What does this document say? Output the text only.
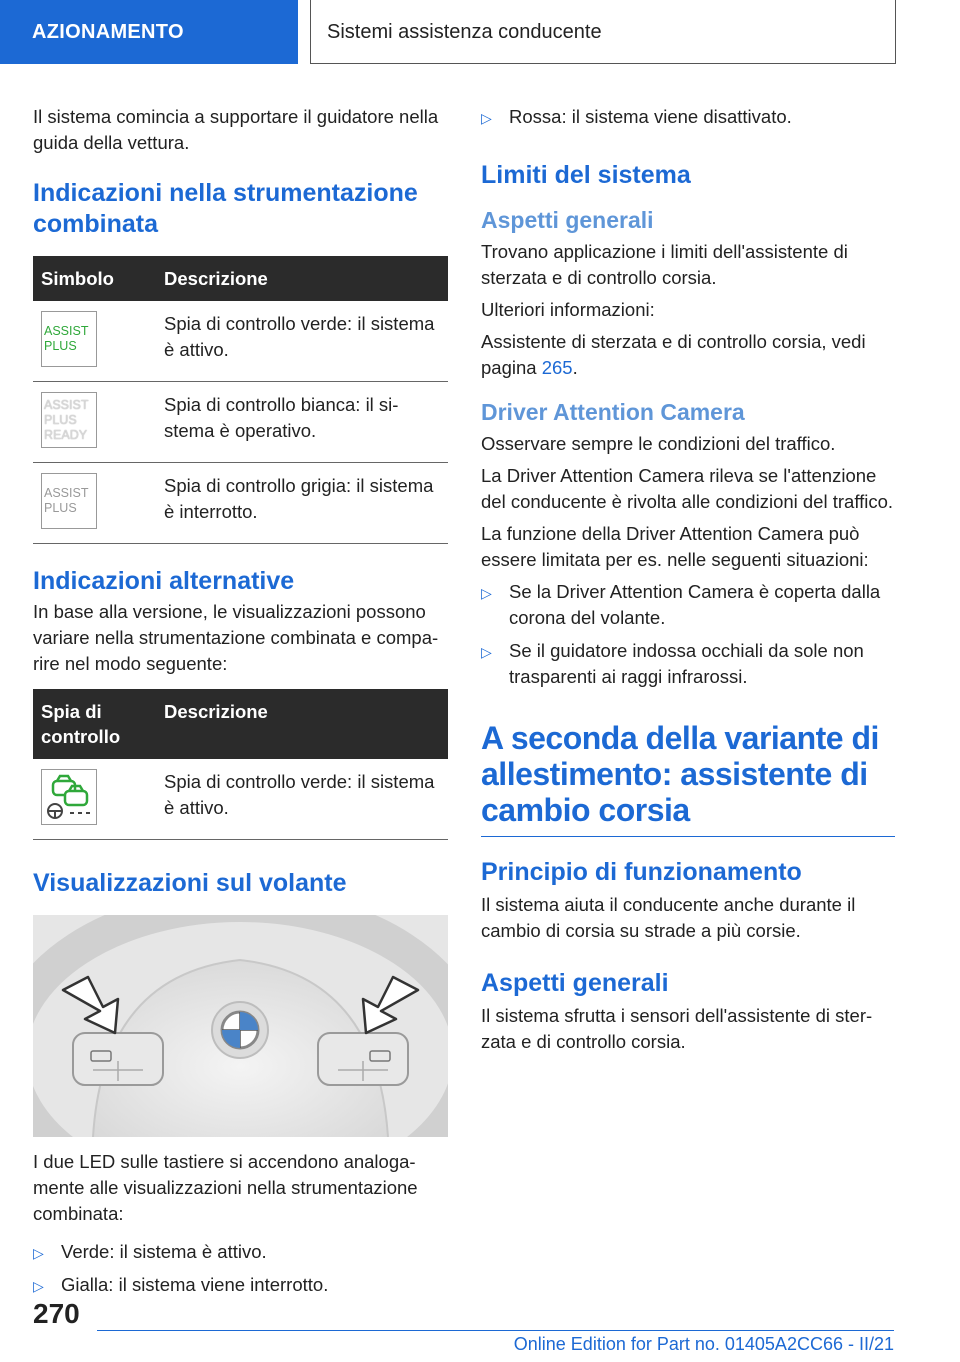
AZIONAMENTO	Sistemi assistenza conducente

Il sistema comincia a supportare il guidatore nella guida della vettura.

Indicazioni nella strumentazione combinata
Simbolo	Descrizione

ASSIST
PLUS	Spia di controllo verde: il sistema è attivo.

ASSIST
PLUS
READY	Spia di controllo bianca: il sistema è operativo.

ASSIST
PLUS	Spia di controllo grigia: il sistema è interrotto.
Indicazioni alternative

In base alla versione, le visualizzazioni possono variare nella strumentazione combinata e comparire nel modo seguente:

Spia di controllo	Descrizione

	Spia di controllo verde: il sistema è attivo.
Visualizzazioni sul volante

I due LED sulle tastiere si accendono analogamente alle visualizzazioni nella strumentazione combinata:

▷ Verde: il sistema è attivo.
▷ Gialla: il sistema viene interrotto.
▷ Rossa: il sistema viene disattivato.
Limiti del sistema
Aspetti generali

Trovano applicazione i limiti dell'assistente di sterzata e di controllo corsia.

Ulteriori informazioni:

Assistente di sterzata e di controllo corsia, vedi pagina 265.

Driver Attention Camera

Osservare sempre le condizioni del traffico.

La Driver Attention Camera rileva se l'attenzione del conducente è rivolta alle condizioni del traffico.

La funzione della Driver Attention Camera può essere limitata per es. nelle seguenti situazioni:

▷ Se la Driver Attention Camera è coperta dalla corona del volante.
▷ Se il guidatore indossa occhiali da sole non trasparenti ai raggi infrarossi.
A seconda della variante di allestimento: assistente di cambio corsia
Principio di funzionamento

Il sistema aiuta il conducente anche durante il cambio di corsia su strade a più corsie.

Aspetti generali

Il sistema sfrutta i sensori dell'assistente di sterzata e di controllo corsia.

270
Online Edition for Part no. 01405A2CC66 - II/21
